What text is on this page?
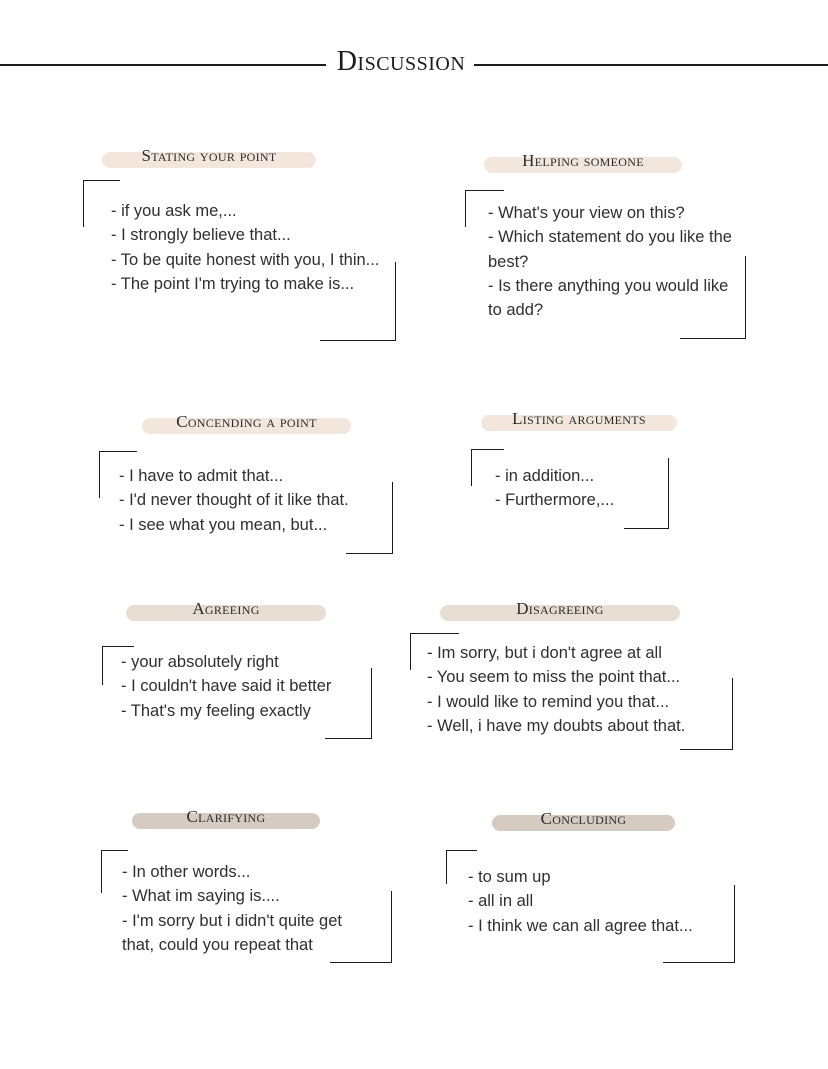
Discussion
Stating your point
- if you ask me,...
- I strongly believe that...
- To be quite honest with you, I thin...
- The point I'm trying to make is...
Helping someone
- What's your view on this?
- Which statement do you like the best?
- Is there anything you would like to add?
Concending a point
- I have to admit that...
- I'd never thought of it like that.
- I see what you mean, but...
Listing arguments
- in addition...
- Furthermore,...
Agreeing
- your absolutely right
- I couldn't have said it better
- That's my feeling exactly
Disagreeing
- Im sorry, but i don't agree at all
- You seem to miss the point that...
- I would like to remind you that...
- Well, i have my doubts about that.
Clarifying
- In other words...
- What im saying is....
- I'm sorry but i didn't quite get that, could you repeat that
Concluding
- to sum up
- all in all
- I think we can all agree that...
